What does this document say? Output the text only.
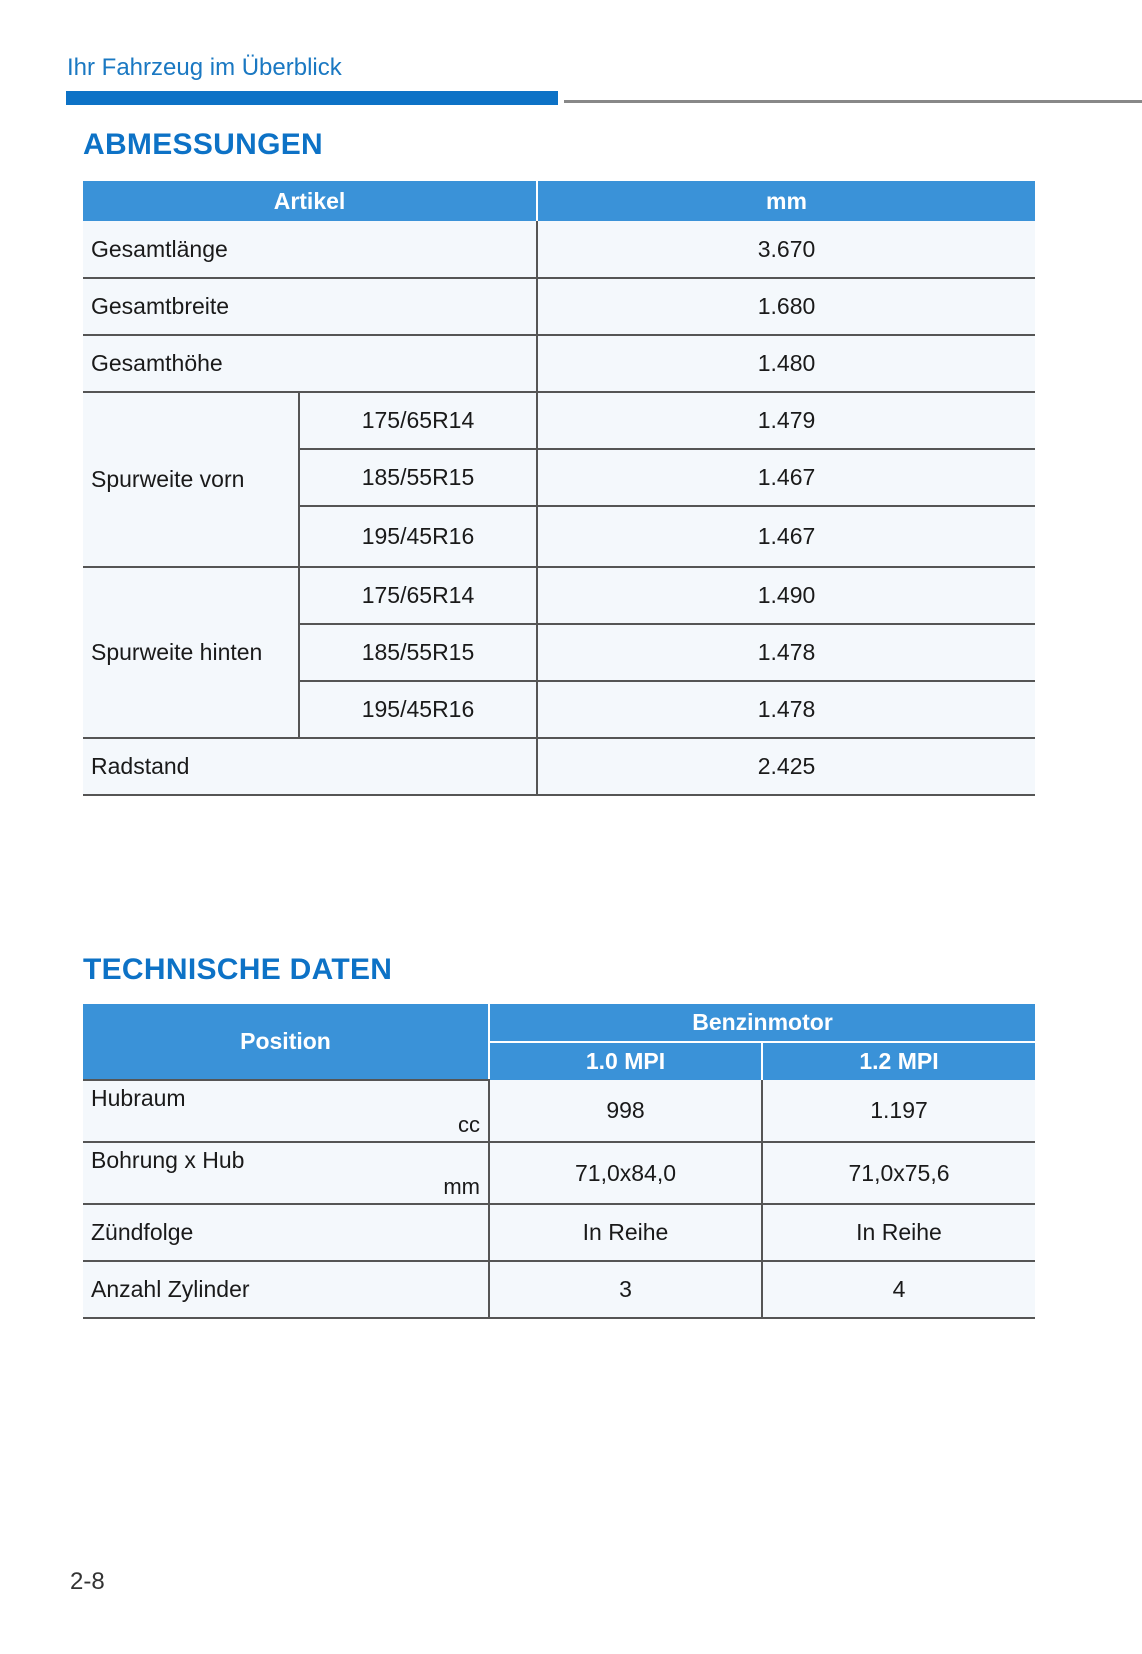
Ihr Fahrzeug im Überblick
ABMESSUNGEN
Artikel		mm
Gesamtlänge		3.670
Gesamtbreite		1.680
Gesamthöhe		1.480
Spurweite vorn	175/65R14	1.479
	185/55R15	1.467
	195/45R16	1.467
Spurweite hinten	175/65R14	1.490
	185/55R15	1.478
	195/45R16	1.478
Radstand		2.425
TECHNISCHE DATEN
Position	Benzinmotor	
	1.0 MPI	1.2 MPI

Hubraum
cc	998	1.197

Bohrung x Hub
mm	71,0x84,0	71,0x75,6
Zündfolge	In Reihe	In Reihe
Anzahl Zylinder	3	4
2-8
